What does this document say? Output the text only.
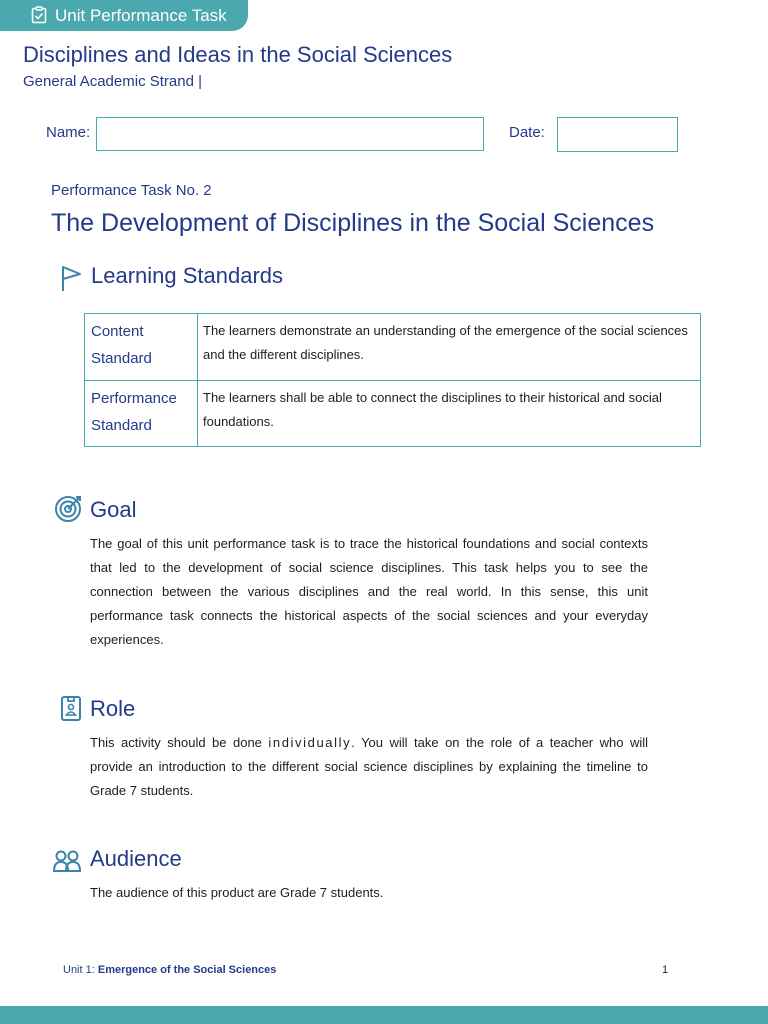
Unit Performance Task
Disciplines and Ideas in the Social Sciences
General Academic Strand |
Name:	Date:
Performance Task No. 2
The Development of Disciplines in the Social Sciences
Learning Standards
Content
Standard	The learners demonstrate an understanding of the emergence of the social sciences and the different disciplines.
Performance
Standard	The learners shall be able to connect the disciplines to their historical and social foundations.
Goal
The goal of this unit performance task is to trace the historical foundations and social contexts that led to the development of social science disciplines. This task helps you to see the connection between the various disciplines and the real world. In this sense, this unit performance task connects the historical aspects of the social sciences and your everyday experiences.
Role
This activity should be done individually. You will take on the role of a teacher who will provide an introduction to the different social science disciplines by explaining the timeline to Grade 7 students.
Audience
The audience of this product are Grade 7 students.
Unit 1: Emergence of the Social Sciences	1
